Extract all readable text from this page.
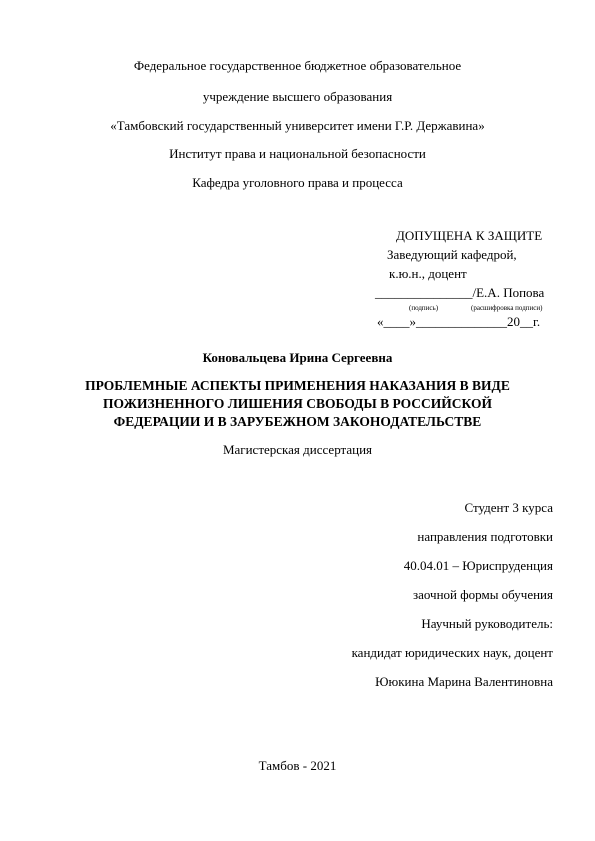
Федеральное государственное бюджетное образовательное
учреждение высшего образования
«Тамбовский государственный университет имени Г.Р. Державина»
Институт права и национальной безопасности
Кафедра уголовного права и процесса
ДОПУЩЕНА К ЗАЩИТЕ
Заведующий кафедрой,
к.ю.н., доцент
_______________/Е.А. Попова
(подпись)	(расшифровка подписи)
«____»______________20__г.
Коновальцева Ирина Сергеевна
ПРОБЛЕМНЫЕ АСПЕКТЫ ПРИМЕНЕНИЯ НАКАЗАНИЯ В ВИДЕ
ПОЖИЗНЕННОГО ЛИШЕНИЯ СВОБОДЫ В РОССИЙСКОЙ
ФЕДЕРАЦИИ И В ЗАРУБЕЖНОМ ЗАКОНОДАТЕЛЬСТВЕ
Магистерская диссертация
Студент 3 курса
направления подготовки
40.04.01 – Юриспруденция
заочной формы обучения
Научный руководитель:
кандидат юридических наук, доцент
Ююкина Марина Валентиновна
Тамбов - 2021
